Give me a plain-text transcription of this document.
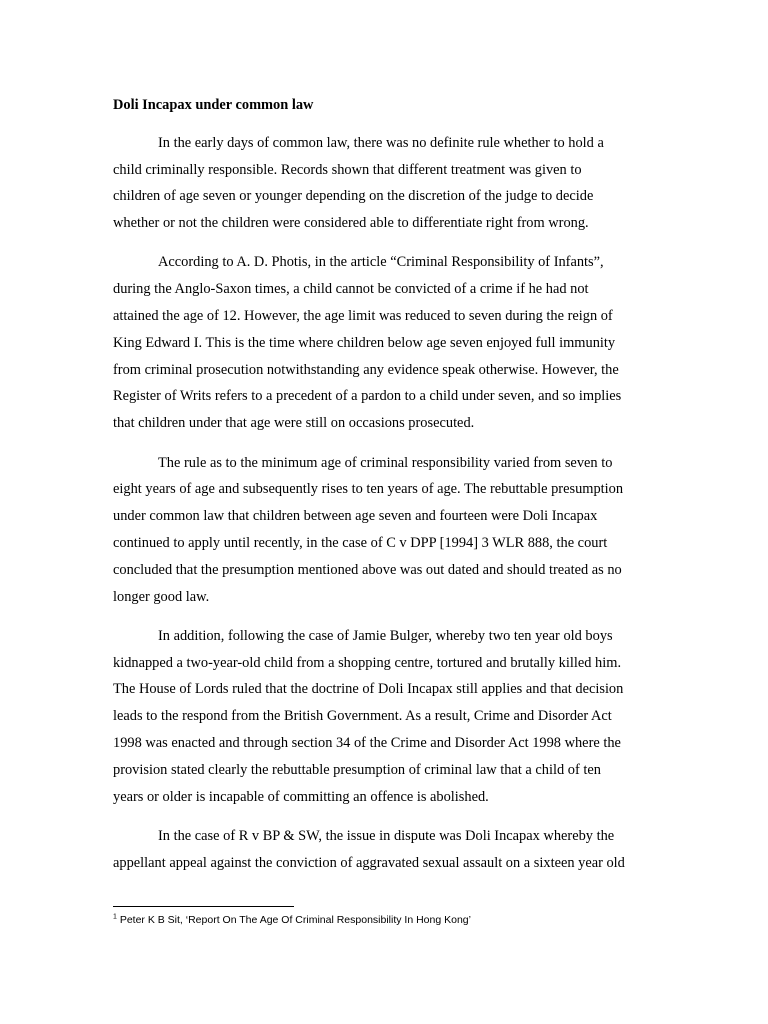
Doli Incapax under common law
In the early days of common law, there was no definite rule whether to hold a
child criminally responsible. Records shown that different treatment was given to
children of age seven or younger depending on the discretion of the judge to decide
whether or not the children were considered able to differentiate right from wrong.
According to A. D. Photis, in the article “Criminal Responsibility of Infants”,
during the Anglo-Saxon times, a child cannot be convicted of a crime if he had not
attained the age of 12. However, the age limit was reduced to seven during the reign of
King Edward I. This is the time where children below age seven enjoyed full immunity
from criminal prosecution notwithstanding any evidence speak otherwise. However, the
Register of Writs refers to a precedent of a pardon to a child under seven, and so implies
that children under that age were still on occasions prosecuted.
The rule as to the minimum age of criminal responsibility varied from seven to
eight years of age and subsequently rises to ten years of age. The rebuttable presumption
under common law that children between age seven and fourteen were Doli Incapax
continued to apply until recently, in the case of C v DPP [1994] 3 WLR 888, the court
concluded that the presumption mentioned above was out dated and should treated as no
longer good law.
In addition, following the case of Jamie Bulger, whereby two ten year old boys
kidnapped a two-year-old child from a shopping centre, tortured and brutally killed him.
The House of Lords ruled that the doctrine of Doli Incapax still applies and that decision
leads to the respond from the British Government. As a result, Crime and Disorder Act
1998 was enacted and through section 34 of the Crime and Disorder Act 1998 where the
provision stated clearly the rebuttable presumption of criminal law that a child of ten
years or older is incapable of committing an offence is abolished.
In the case of R v BP & SW, the issue in dispute was Doli Incapax whereby the
appellant appeal against the conviction of aggravated sexual assault on a sixteen year old
$^1$ Peter K B Sit, ‘Report On The Age Of Criminal Responsibility In Hong Kong’
